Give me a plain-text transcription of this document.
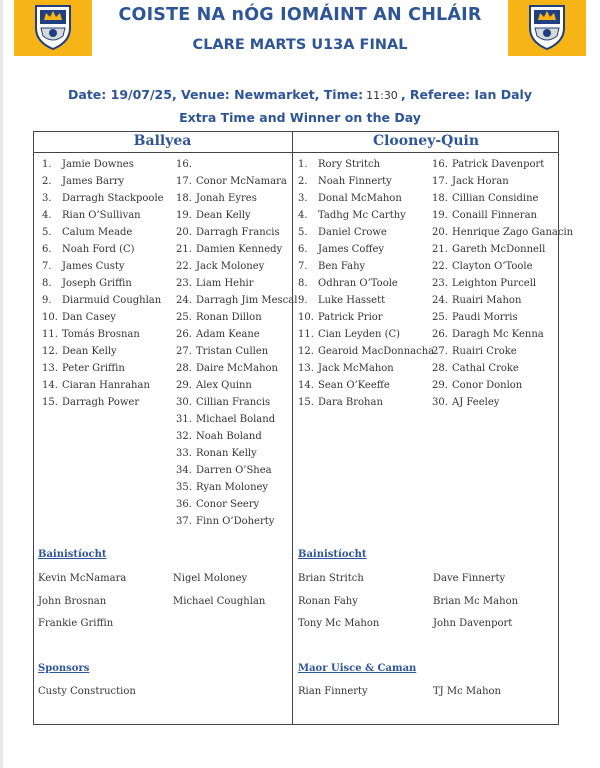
COISTE NA nÓG IOMÁINT AN CHLÁIR
CLARE MARTS U13A FINAL
Date: 19/07/25, Venue: Newmarket, Time: 11:30 , Referee: Ian Daly
Extra Time and Winner on the Day
Ballyea	Clooney-Quin
1. Jamie Downes
2. James Barry
3. Darragh Stackpoole
4. Rian O’Sullivan
5. Calum Meade
6. Noah Ford (C)
7. James Custy
8. Joseph Griffin
9. Diarmuid Coughlan
10. Dan Casey
11. Tomás Brosnan
12. Dean Kelly
13. Peter Griffin
14. Ciaran Hanrahan
15. Darragh Power
16.
17. Conor McNamara
18. Jonah Eyres
19. Dean Kelly
20. Darragh Francis
21. Damien Kennedy
22. Jack Moloney
23. Liam Hehir
24. Darragh Jim Mescal
25. Ronan Dillon
26. Adam Keane
27. Tristan Cullen
28. Daire McMahon
29. Alex Quinn
30. Cillian Francis
31. Michael Boland
32. Noah Boland
33. Ronan Kelly
34. Darren O’Shea
35. Ryan Moloney
36. Conor Seery
37. Finn O’Doherty
1. Rory Stritch
2. Noah Finnerty
3. Donal McMahon
4. Tadhg Mc Carthy
5. Daniel Crowe
6. James Coffey
7. Ben Fahy
8. Odhran O’Toole
9. Luke Hassett
10. Patrick Prior
11. Cian Leyden (C)
12. Gearoid MacDonnacha
13. Jack McMahon
14. Sean O’Keeffe
15. Dara Brohan
16. Patrick Davenport
17. Jack Horan
18. Cillian Considine
19. Conaill Finneran
20. Henrique Zago Ganacin
21. Gareth McDonnell
22. Clayton O’Toole
23. Leighton Purcell
24. Ruairi Mahon
25. Paudi Morris
26. Daragh Mc Kenna
27. Ruairi Croke
28. Cathal Croke
29. Conor Donlon
30. AJ Feeley
Bainistíocht
Kevin McNamara	Nigel Moloney
John Brosnan	Michael Coughlan
Frankie Griffin
Sponsors
Custy Construction
Bainistíocht
Brian Stritch	Dave Finnerty
Ronan Fahy	Brian Mc Mahon
Tony Mc Mahon	John Davenport
Maor Uisce & Caman
Rian Finnerty	TJ Mc Mahon
